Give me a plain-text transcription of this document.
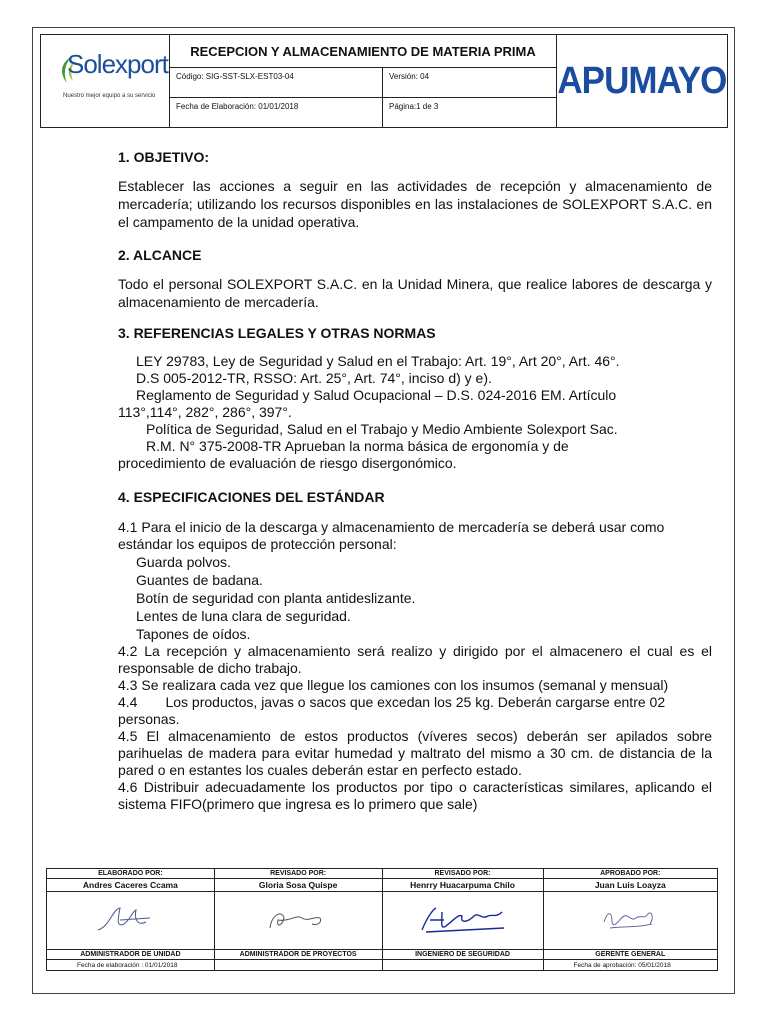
Solexport
Nuestro mejor equipo a su servicio
RECEPCION Y ALMACENAMIENTO DE MATERIA PRIMA
Código: SIG-SST-SLX-EST03-04	Versión: 04
Fecha de Elaboración: 01/01/2018	Página:1 de 3
APUMAYO

1. OBJETIVO:

Establecer las acciones a seguir en las actividades de recepción y almacenamiento de mercadería; utilizando los recursos disponibles en las instalaciones de SOLEXPORT S.A.C. en el campamento de la unidad operativa.

2. ALCANCE

Todo el personal SOLEXPORT S.A.C. en la Unidad Minera, que realice labores de descarga y almacenamiento de mercadería.

3. REFERENCIAS LEGALES Y OTRAS NORMAS

LEY 29783, Ley de Seguridad y Salud en el Trabajo: Art. 19°, Art 20°, Art. 46°.

D.S 005-2012-TR, RSSO: Art. 25°, Art. 74°, inciso d) y e).

Reglamento de Seguridad y Salud Ocupacional – D.S. 024-2016 EM. Artículo

113°,114°, 282°, 286°, 397°.

Política de Seguridad, Salud en el Trabajo y Medio Ambiente Solexport Sac.

R.M. N° 375-2008-TR Aprueban la norma básica de ergonomía y de

procedimiento de evaluación de riesgo disergonómico.

4. ESPECIFICACIONES DEL ESTÁNDAR

4.1 Para el inicio de la descarga y almacenamiento de mercadería se deberá usar como estándar los equipos de protección personal:

Guarda polvos.

Guantes de badana.

Botín de seguridad con planta antideslizante.

Lentes de luna clara de seguridad.

Tapones de oídos.

4.2 La recepción y almacenamiento será realizo y dirigido por el almacenero el cual es el responsable de dicho trabajo.

4.3 Se realizara cada vez que llegue los camiones con los insumos (semanal y mensual)

4.4 Los productos, javas o sacos que excedan los 25 kg. Deberán cargarse entre 02 personas.

4.5 El almacenamiento de estos productos (víveres secos) deberán ser apilados sobre parihuelas de madera para evitar humedad y maltrato del mismo a 30 cm. de distancia de la pared o en estantes los cuales deberán estar en perfecto estado.

4.6 Distribuir adecuadamente los productos por tipo o características similares, aplicando el sistema FIFO(primero que ingresa es lo primero que sale)

ELABORADO POR:	REVISADO POR:	REVISADO POR:	APROBADO POR:
Andres Caceres Ccama	Gloria Sosa Quispe	Henrry Huacarpuma Chilo	Juan Luis Loayza

ADMINISTRADOR DE UNIDAD	ADMINISTRADOR DE PROYECTOS	INGENIERO DE SEGURIDAD	GERENTE GENERAL
Fecha de elaboración : 01/01/2018			Fecha de aprobación: 05/01/2018
